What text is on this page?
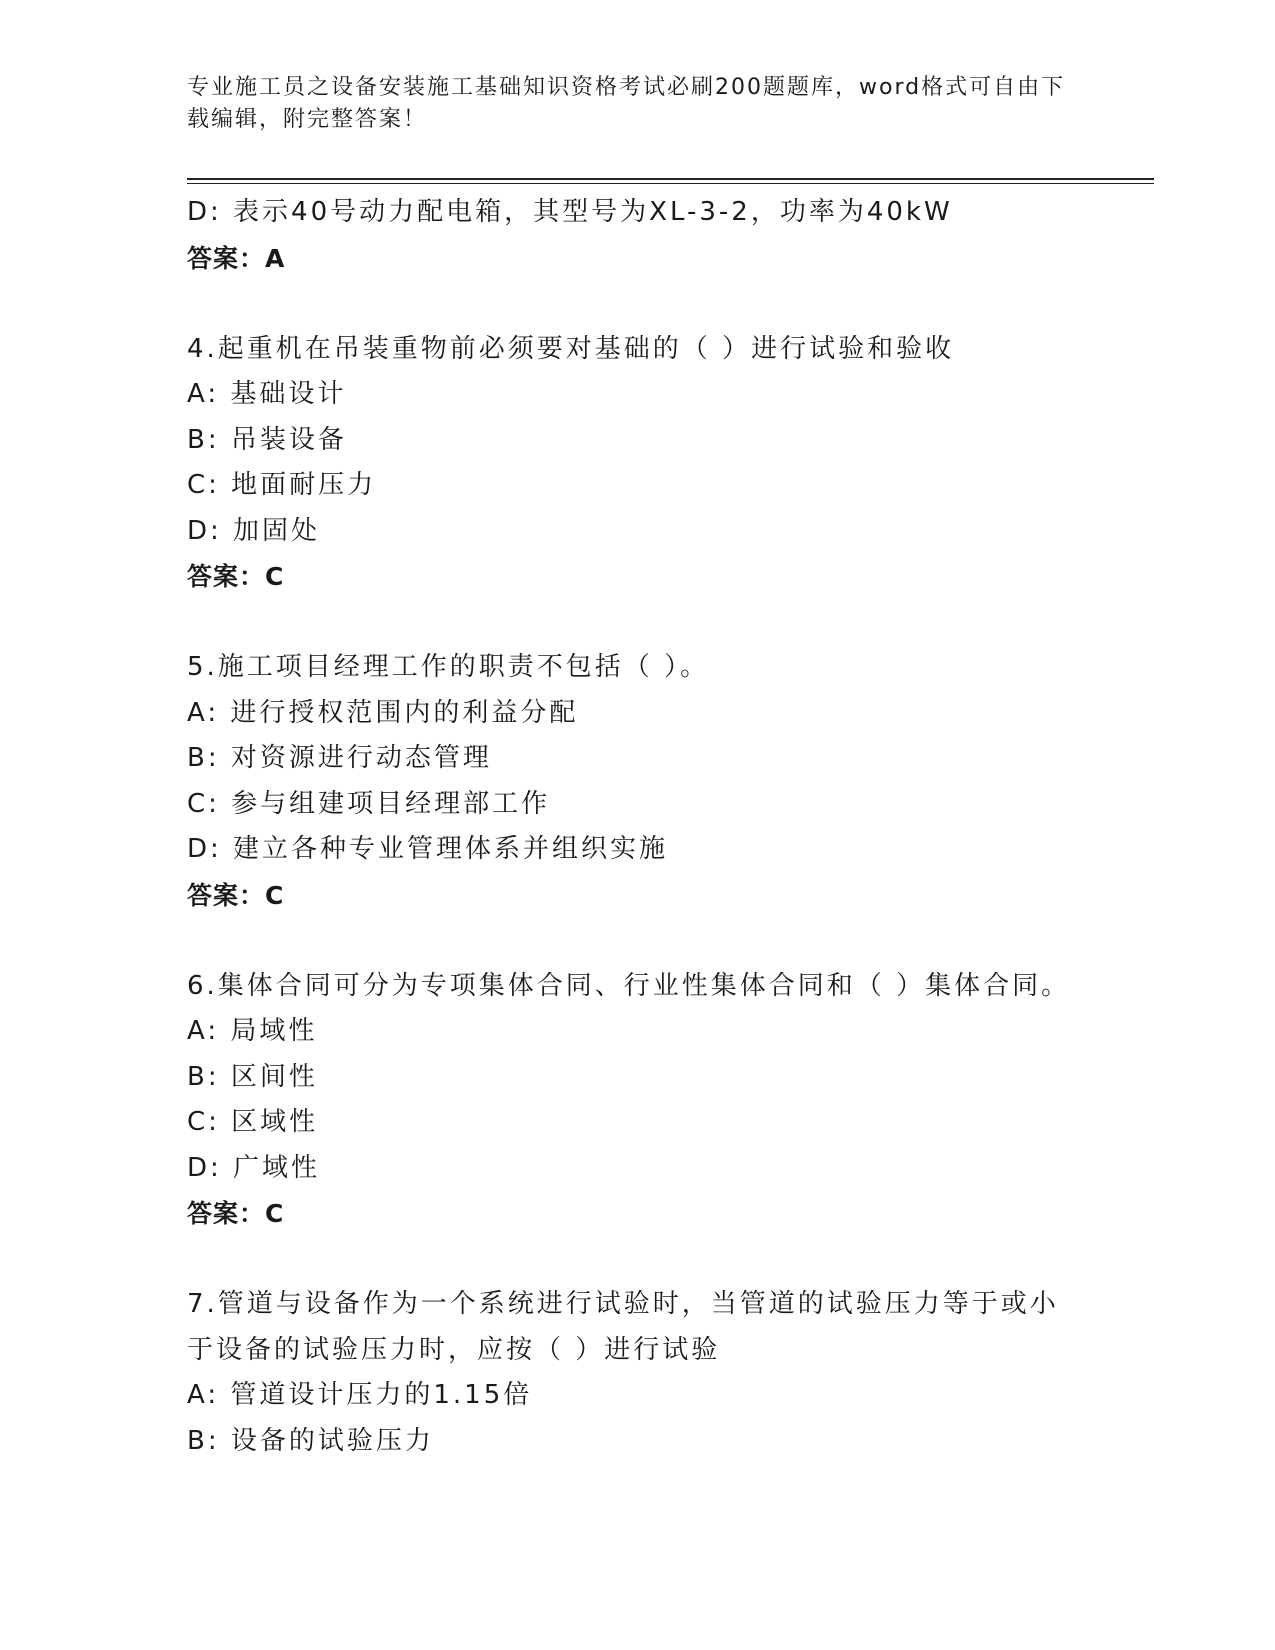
专业施工员之设备安装施工基础知识资格考试必刷200题题库，word格式可自由下载编辑，附完整答案！
D: 表示40号动力配电箱，其型号为XL-3-2，功率为40kW
答案：A
4.起重机在吊装重物前必须要对基础的（ ）进行试验和验收
A: 基础设计
B: 吊装设备
C: 地面耐压力
D: 加固处
答案：C
5.施工项目经理工作的职责不包括（ ）。
A: 进行授权范围内的利益分配
B: 对资源进行动态管理
C: 参与组建项目经理部工作
D: 建立各种专业管理体系并组织实施
答案：C
6.集体合同可分为专项集体合同、行业性集体合同和（ ）集体合同。
A: 局域性
B: 区间性
C: 区域性
D: 广域性
答案：C
7.管道与设备作为一个系统进行试验时，当管道的试验压力等于或小
于设备的试验压力时，应按（ ）进行试验
A: 管道设计压力的1.15倍
B: 设备的试验压力
